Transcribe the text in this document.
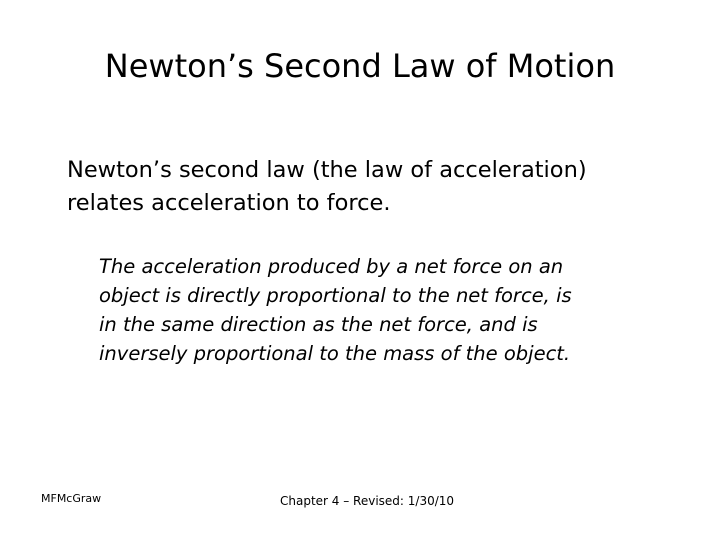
Newton’s Second Law of Motion
Newton’s second law (the law of acceleration)
relates acceleration to force.
The acceleration produced by a net force on an
object is directly proportional to the net force, is
in the same direction as the net force, and is
inversely proportional to the mass of the object.
MFMcGraw	Chapter 4 – Revised: 1/30/10
